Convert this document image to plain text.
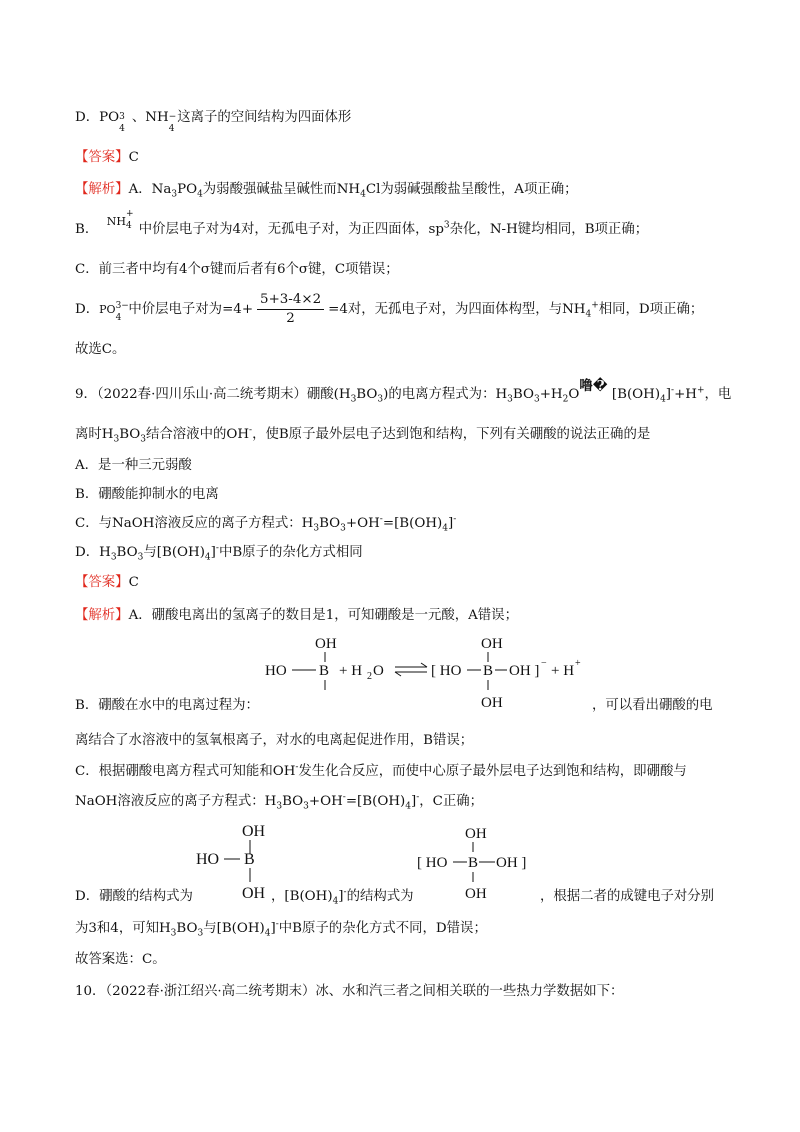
D．PO 3
4
、NH −
4
这离子的空间结构为四面体形
【答案】C
【解析】A．$Na_3PO_4$为弱酸强碱盐呈碱性而$NH_4Cl$为弱碱强酸盐呈酸性，A项正确；
B．  $^{NH}$
+
4 中价层电子对为4对，无孤电子对，为正四面体，$sp^3$杂化，N-H键均相同，B项正确；
C．前三者中均有4个σ键而后者有6个σ键，C项错误；
D．PO 3−
4
中价层电子对为$=4+ \frac{5+3-4\times 2}{2} =4$对，无孤电子对，为四面体构型，与$NH_4^+$相同，D项正确；
故选C。
9．（2022春·四川乐山·高二统考期末）硼酸$(H_3BO_3)$的电离方程式为：$H_3BO_3+H_2O$噜� $[B(OH)_4]^-+H^+$，电
离时$H_3BO_3$结合溶液中的OH-，使B原子最外层电子达到饱和结构，下列有关硼酸的说法正确的是
A．是一种三元弱酸
B．硼酸能抑制水的电离
C．与NaOH溶液反应的离子方程式：$H_3BO_3+OH^-=[B(OH)_4]^-$
D．$H_3BO_3$与$[B(OH)_4]^-$中B原子的杂化方式相同
【答案】C
【解析】A．硼酸电离出的氢离子的数目是1，可知硼酸是一元酸，A错误；
OH
HO B + H 2 O	[ HO
OH
B OH ] − + H +
OH
B．硼酸在水中的电离过程为：	，可以看出硼酸的电
离结合了水溶液中的氢氧根离子，对水的电离起促进作用，B错误；
C．根据硼酸电离方程式可知能和OH-发生化合反应，而使中心原子最外层电子达到饱和结构，即硼酸与
NaOH溶液反应的离子方程式：$H_3BO_3+OH^-=[B(OH)_4]^-$，C正确；
OH
HO B
OH
OH
[ HO B OH ]
OH
D．硼酸的结构式为	，$[B(OH)_4]^-$的结构式为	，根据二者的成键电子对分别
为3和4，可知$H_3BO_3$与$[B(OH)_4]^-$中B原子的杂化方式不同，D错误；
故答案选：C。
10．（2022春·浙江绍兴·高二统考期末）冰、水和汽三者之间相关联的一些热力学数据如下：
